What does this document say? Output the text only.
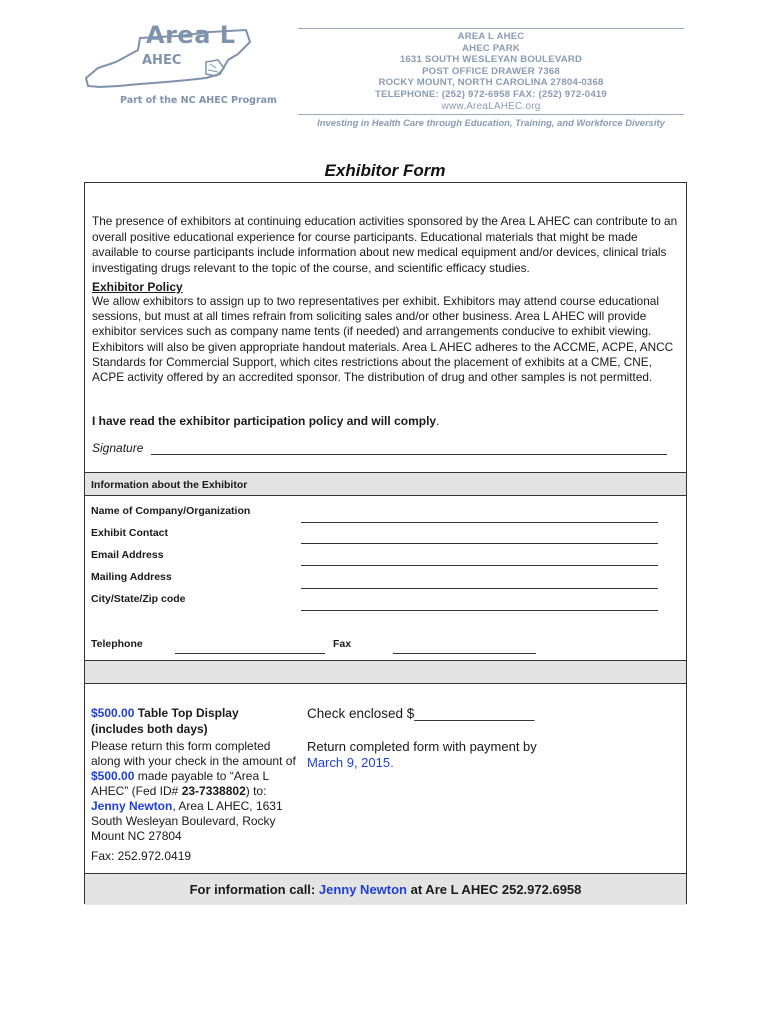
Area L
AHEC
Part of the NC AHEC Program
AREA L AHEC
AHEC PARK
1631 SOUTH WESLEYAN BOULEVARD
POST OFFICE DRAWER 7368
ROCKY MOUNT, NORTH CAROLINA 27804-0368
TELEPHONE: (252) 972-6958 FAX: (252) 972-0419
www.AreaLAHEC.org
Investing in Health Care through Education, Training, and Workforce Diversity
Exhibitor Form
The presence of exhibitors at continuing education activities sponsored by the Area L AHEC can contribute to an overall positive educational experience for course participants. Educational materials that might be made available to course participants include information about new medical equipment and/or devices, clinical trials investigating drugs relevant to the topic of the course, and scientific efficacy studies.
Exhibitor Policy
We allow exhibitors to assign up to two representatives per exhibit. Exhibitors may attend course educational sessions, but must at all times refrain from soliciting sales and/or other business. Area L AHEC will provide exhibitor services such as company name tents (if needed) and arrangements conducive to exhibit viewing. Exhibitors will also be given appropriate handout materials. Area L AHEC adheres to the ACCME, ACPE, ANCC Standards for Commercial Support, which cites restrictions about the placement of exhibits at a CME, CNE, ACPE activity offered by an accredited sponsor. The distribution of drug and other samples is not permitted.
I have read the exhibitor participation policy and will comply.
Signature
Information about the Exhibitor
Name of Company/Organization
Exhibit Contact
Email Address
Mailing Address
City/State/Zip code
Telephone	Fax
$500.00 Table Top Display
(includes both days)
Please return this form completed along with your check in the amount of $500.00 made payable to “Area L AHEC” (Fed ID# 23-7338802) to:
Jenny Newton, Area L AHEC, 1631 South Wesleyan Boulevard, Rocky Mount NC 27804
Fax: 252.972.0419
Check enclosed $________________
Return completed form with payment by
March 9, 2015.
For information call: Jenny Newton at Are L AHEC 252.972.6958
